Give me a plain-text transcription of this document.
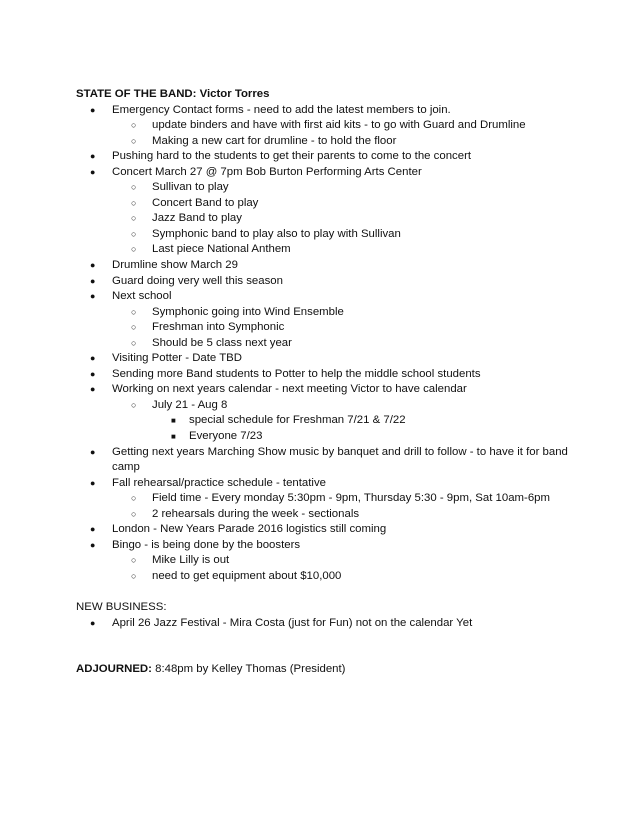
STATE OF THE BAND: Victor Torres
● Emergency Contact forms - need to add the latest members to join.
○ update binders and have with first aid kits - to go with Guard and Drumline
○ Making a new cart for drumline - to hold the floor
● Pushing hard to the students to get their parents to come to the concert
● Concert March 27 @ 7pm Bob Burton Performing Arts Center
○ Sullivan to play
○ Concert Band to play
○ Jazz Band to play
○ Symphonic band to play also to play with Sullivan
○ Last piece National Anthem
● Drumline show March 29
● Guard doing very well this season
● Next school
○ Symphonic going into Wind Ensemble
○ Freshman into Symphonic
○ Should be 5 class next year
● Visiting Potter - Date TBD
● Sending more Band students to Potter to help the middle school students
● Working on next years calendar - next meeting Victor to have calendar
○ July 21 - Aug 8
■ special schedule for Freshman 7/21 & 7/22
■ Everyone 7/23
● Getting next years Marching Show music by banquet and drill to follow - to have it for band camp
● Fall rehearsal/practice schedule - tentative
○ Field time - Every monday 5:30pm - 9pm, Thursday 5:30 - 9pm, Sat 10am-6pm
○ 2 rehearsals during the week - sectionals
● London - New Years Parade 2016 logistics still coming
● Bingo - is being done by the boosters
○ Mike Lilly is out
○ need to get equipment about $10,000
NEW BUSINESS:
● April 26 Jazz Festival - Mira Costa (just for Fun) not on the calendar Yet
ADJOURNED: 8:48pm by Kelley Thomas (President)
